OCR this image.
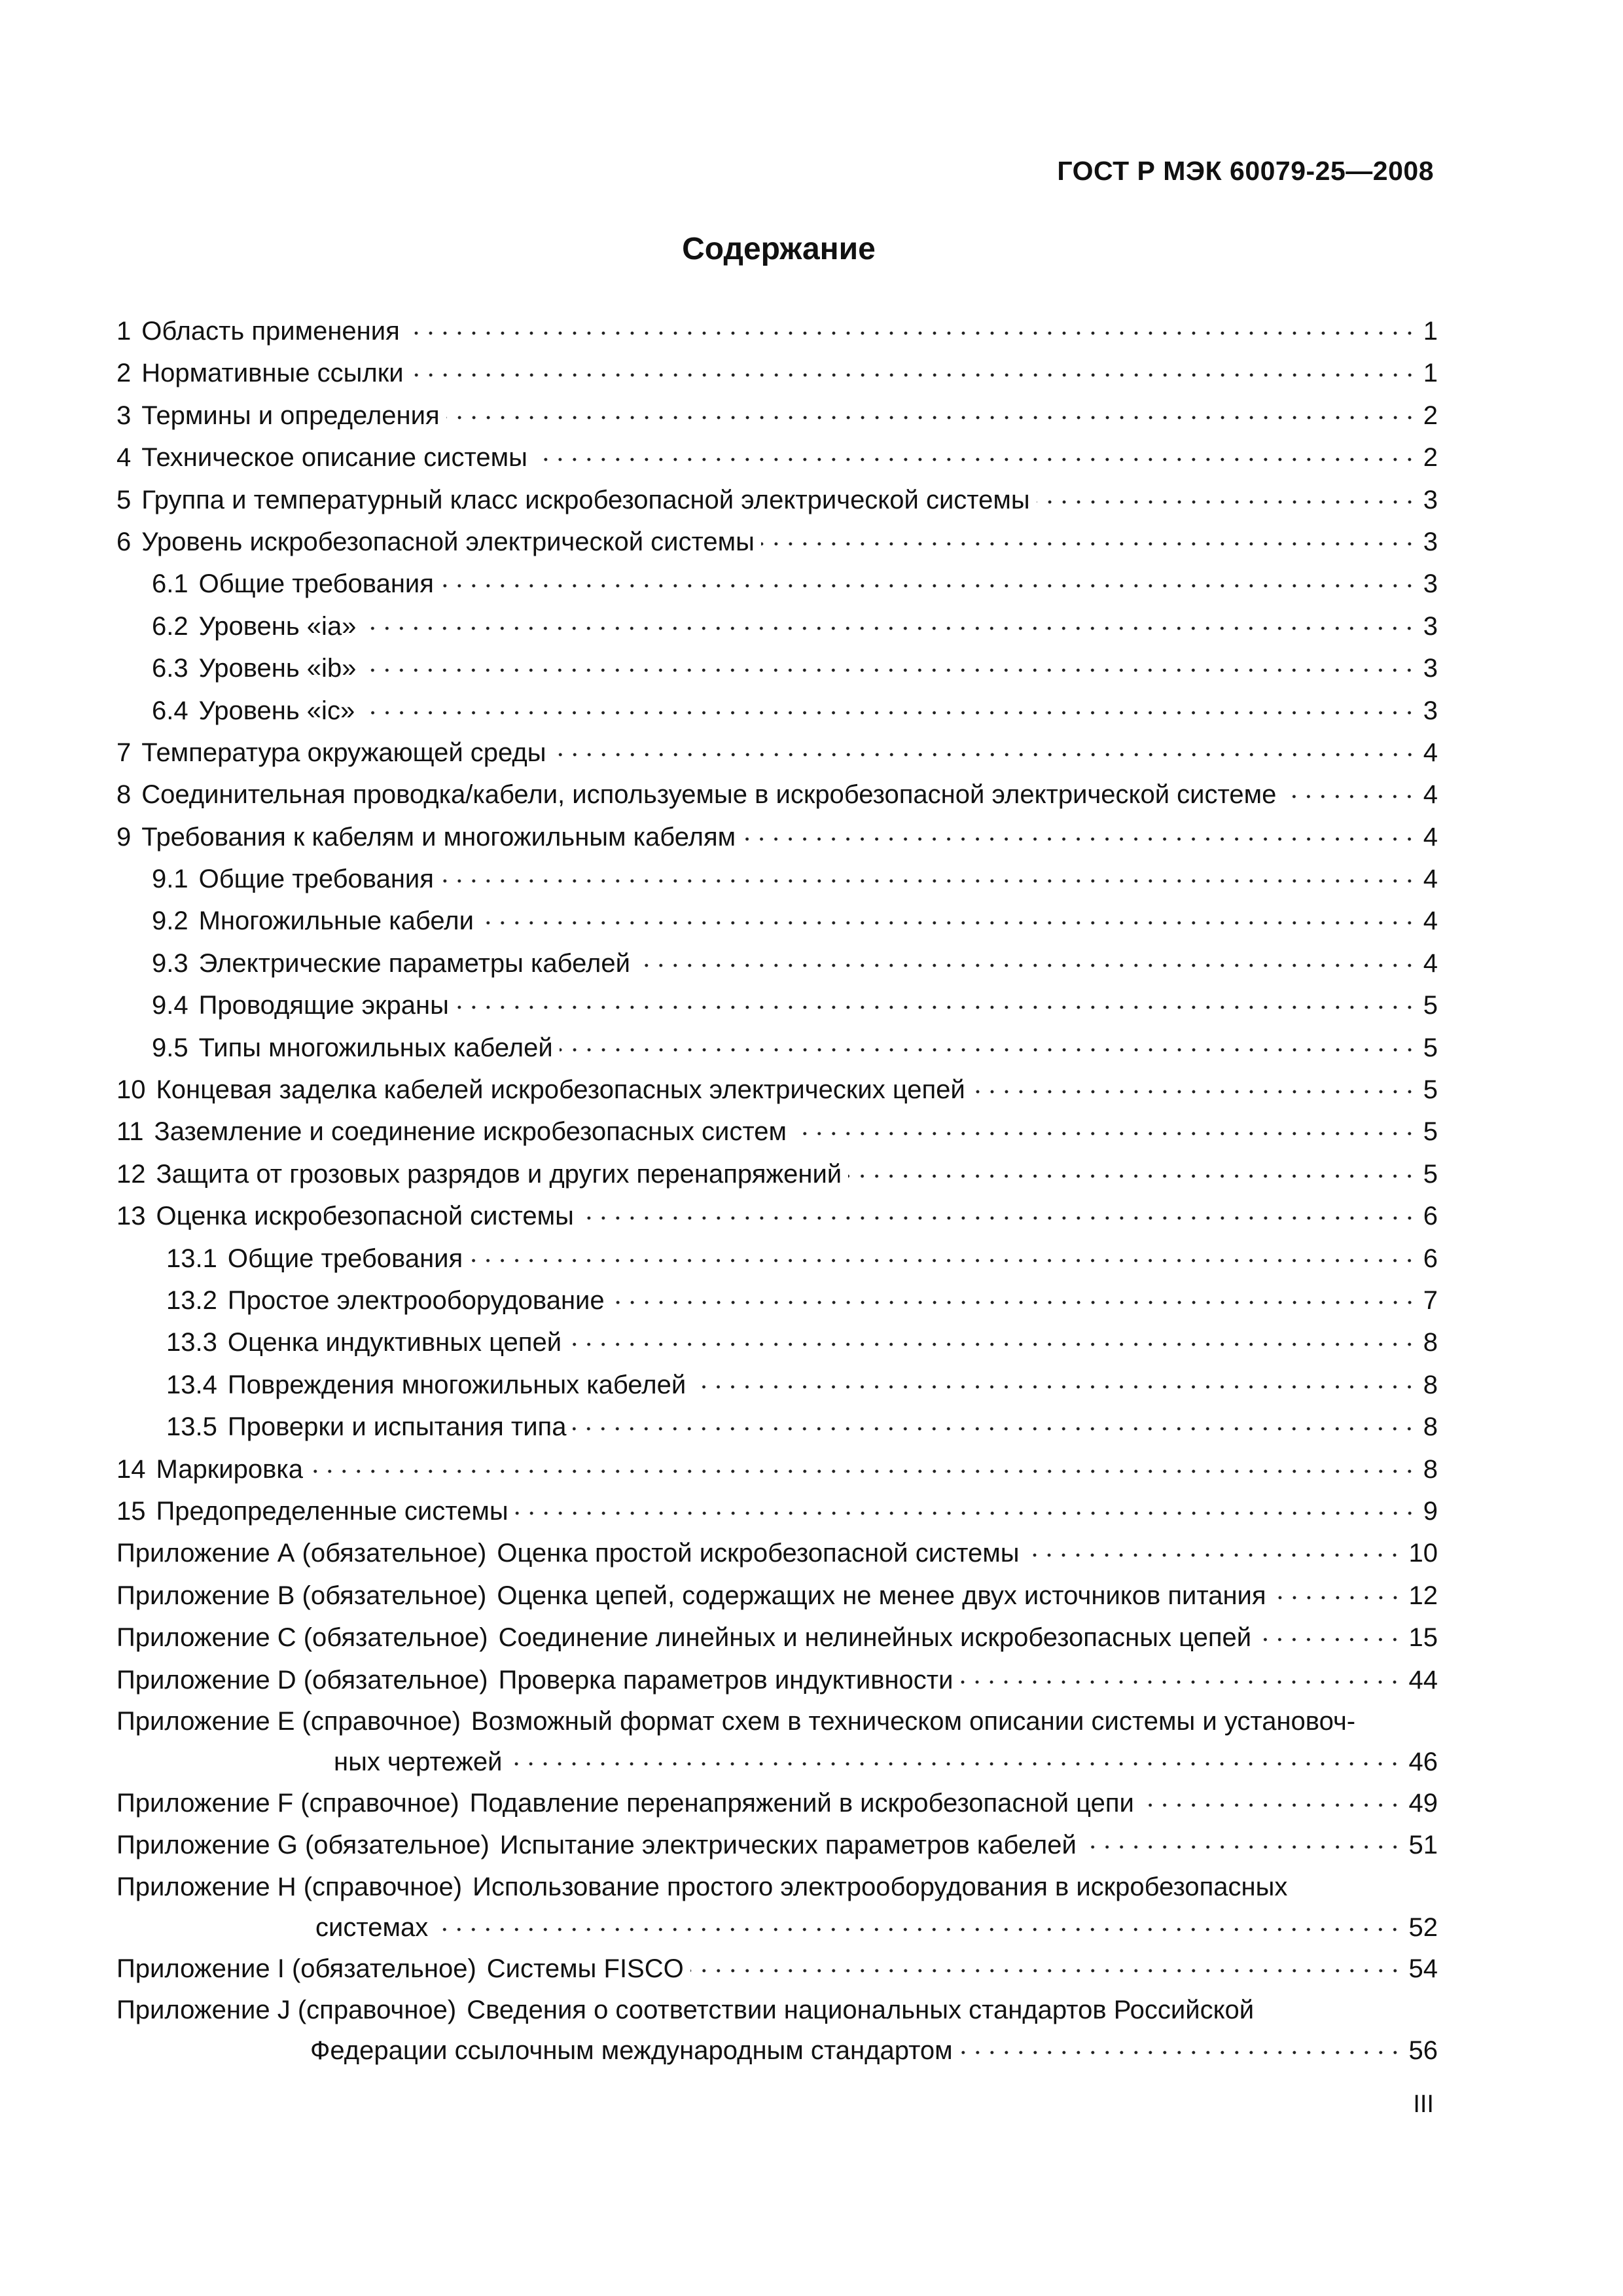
ГОСТ Р МЭК 60079-25—2008
Содержание
1 Область применения	1
2 Нормативные ссылки	1
3 Термины и определения	2
4 Техническое описание системы	2
5 Группа и температурный класс искробезопасной электрической системы	3
6 Уровень искробезопасной электрической системы	3
6.1 Общие требования	3
6.2 Уровень «ia»	3
6.3 Уровень «ib»	3
6.4 Уровень «ic»	3
7 Температура окружающей среды	4
8 Соединительная проводка/кабели, используемые в искробезопасной электрической системе	4
9 Требования к кабелям и многожильным кабелям	4
9.1 Общие требования	4
9.2 Многожильные кабели	4
9.3 Электрические параметры кабелей	4
9.4 Проводящие экраны	5
9.5 Типы многожильных кабелей	5
10 Концевая заделка кабелей искробезопасных электрических цепей	5
11 Заземление и соединение искробезопасных систем	5
12 Защита от грозовых разрядов и других перенапряжений	5
13 Оценка искробезопасной системы	6
13.1 Общие требования	6
13.2 Простое электрооборудование	7
13.3 Оценка индуктивных цепей	8
13.4 Повреждения многожильных кабелей	8
13.5 Проверки и испытания типа	8
14 Маркировка	8
15 Предопределенные системы	9
Приложение А (обязательное) Оценка простой искробезопасной системы	10
Приложение В (обязательное) Оценка цепей, содержащих не менее двух источников питания	12
Приложение С (обязательное) Соединение линейных и нелинейных искробезопасных цепей	15
Приложение D (обязательное) Проверка параметров индуктивности	44
Приложение Е (справочное) Возможный формат схем в техническом описании системы и установоч-
ных чертежей	46
Приложение F (справочное) Подавление перенапряжений в искробезопасной цепи	49
Приложение G (обязательное) Испытание электрических параметров кабелей	51
Приложение Н (справочное) Использование простого электрооборудования в искробезопасных
системах	52
Приложение I (обязательное) Системы FISCO	54
Приложение J (справочное) Сведения о соответствии национальных стандартов Российской
Федерации ссылочным международным стандартом	56
III
